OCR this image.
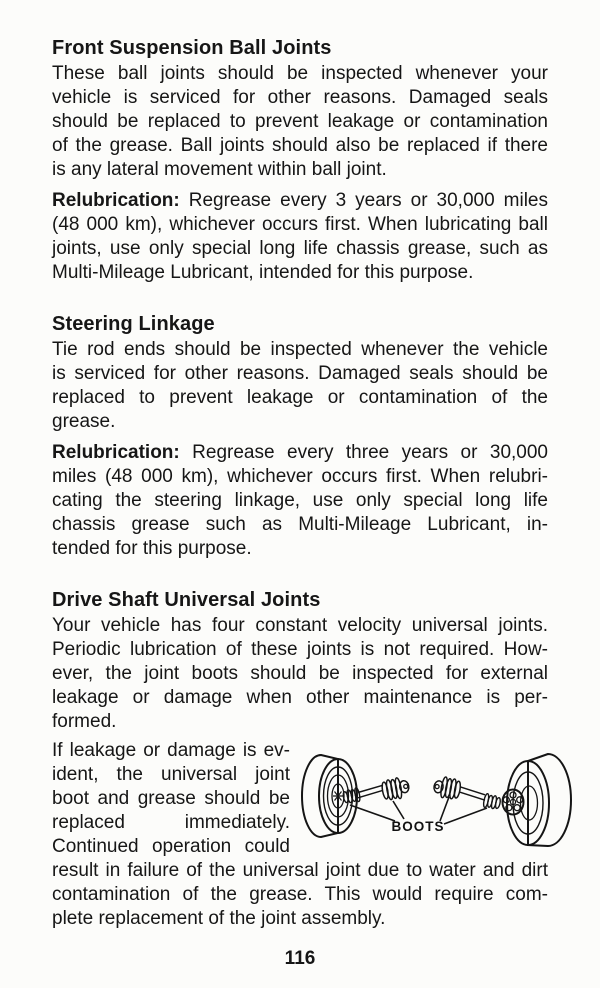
Front Suspension Ball Joints
These ball joints should be inspected whenever your
vehicle is serviced for other reasons. Damaged seals
should be replaced to prevent leakage or contamination
of the grease. Ball joints should also be replaced if there
is any lateral movement within ball joint.
Relubrication: Regrease every 3 years or 30,000 miles
(48 000 km), whichever occurs first. When lubricating ball
joints, use only special long life chassis grease, such as
Multi-Mileage Lubricant, intended for this purpose.
Steering Linkage
Tie rod ends should be inspected whenever the vehicle
is serviced for other reasons. Damaged seals should be
replaced to prevent leakage or contamination of the
grease.
Relubrication: Regrease every three years or 30,000
miles (48 000 km), whichever occurs first. When relubri-
cating the steering linkage, use only special long life
chassis grease such as Multi-Mileage Lubricant, in-
tended for this purpose.
Drive Shaft Universal Joints
Your vehicle has four constant velocity universal joints.
Periodic lubrication of these joints is not required. How-
ever, the joint boots should be inspected for external
leakage or damage when other maintenance is per-
formed.
If leakage or damage is ev-
ident, the universal joint
boot and grease should be
replaced immediately.
Continued operation could
BOOTS
result in failure of the universal joint due to water and dirt
contamination of the grease. This would require com-
plete replacement of the joint assembly.
116
